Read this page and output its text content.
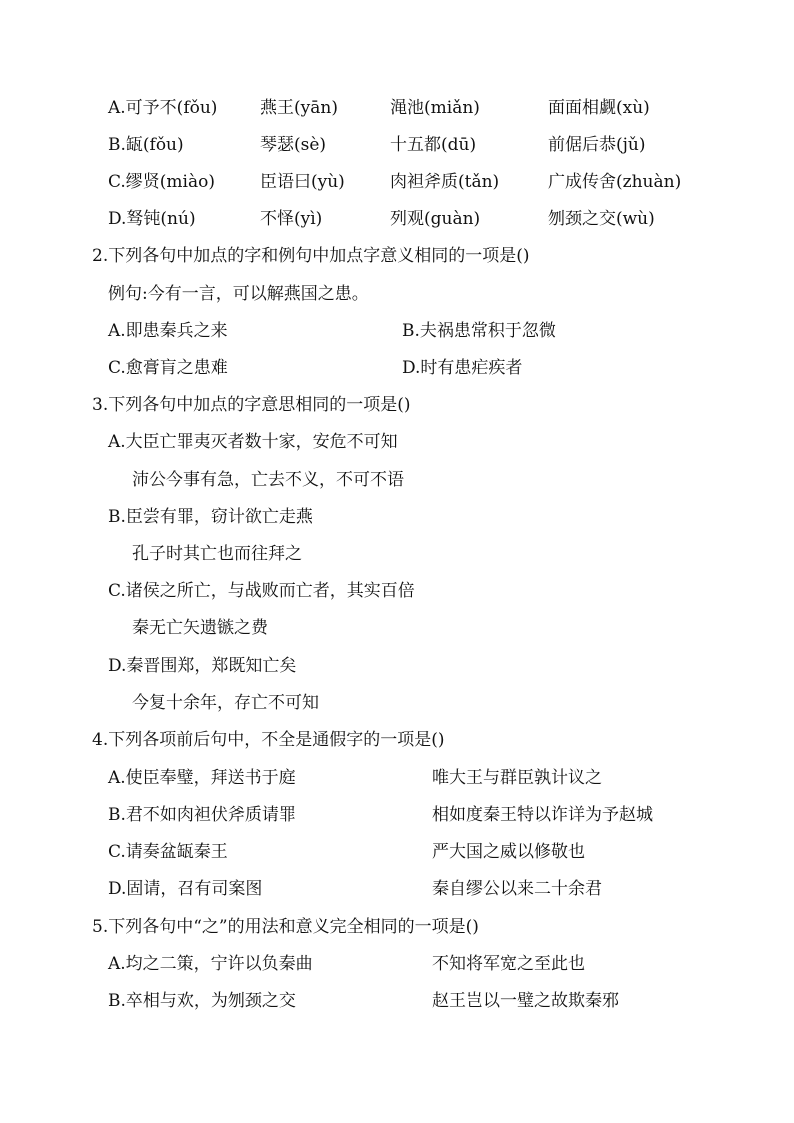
A.可予不(fǒu)	燕王(yān)	渑池(miǎn)	面面相觑(xù)
B.缻(fǒu)	琴瑟(sè)	十五都(dū)	前倨后恭(jǔ)
C.缪贤(miào)	臣语曰(yù)	肉袒斧质(tǎn)	广成传舍(zhuàn)
D.驽钝(nú)	不怿(yì)	列观(guàn)	刎颈之交(wù)
2.下列各句中加点的字和例句中加点字意义相同的一项是()
例句:今有一言，可以解燕国之患。
A.即患秦兵之来	B.夫祸患常积于忽微
C.愈膏肓之患难	D.时有患疟疾者
3.下列各句中加点的字意思相同的一项是()
A.大臣亡罪夷灭者数十家，安危不可知
沛公今事有急，亡去不义，不可不语
B.臣尝有罪，窃计欲亡走燕
孔子时其亡也而往拜之
C.诸侯之所亡，与战败而亡者，其实百倍
秦无亡矢遗镞之费
D.秦晋围郑，郑既知亡矣
今复十余年，存亡不可知
4.下列各项前后句中，不全是通假字的一项是()
A.使臣奉璧，拜送书于庭	唯大王与群臣孰计议之
B.君不如肉袒伏斧质请罪	相如度秦王特以诈详为予赵城
C.请奏盆缻秦王	严大国之威以修敬也
D.固请，召有司案图	秦自缪公以来二十余君
5.下列各句中“之”的用法和意义完全相同的一项是()
A.均之二策，宁许以负秦曲	不知将军宽之至此也
B.卒相与欢，为刎颈之交	赵王岂以一璧之故欺秦邪
